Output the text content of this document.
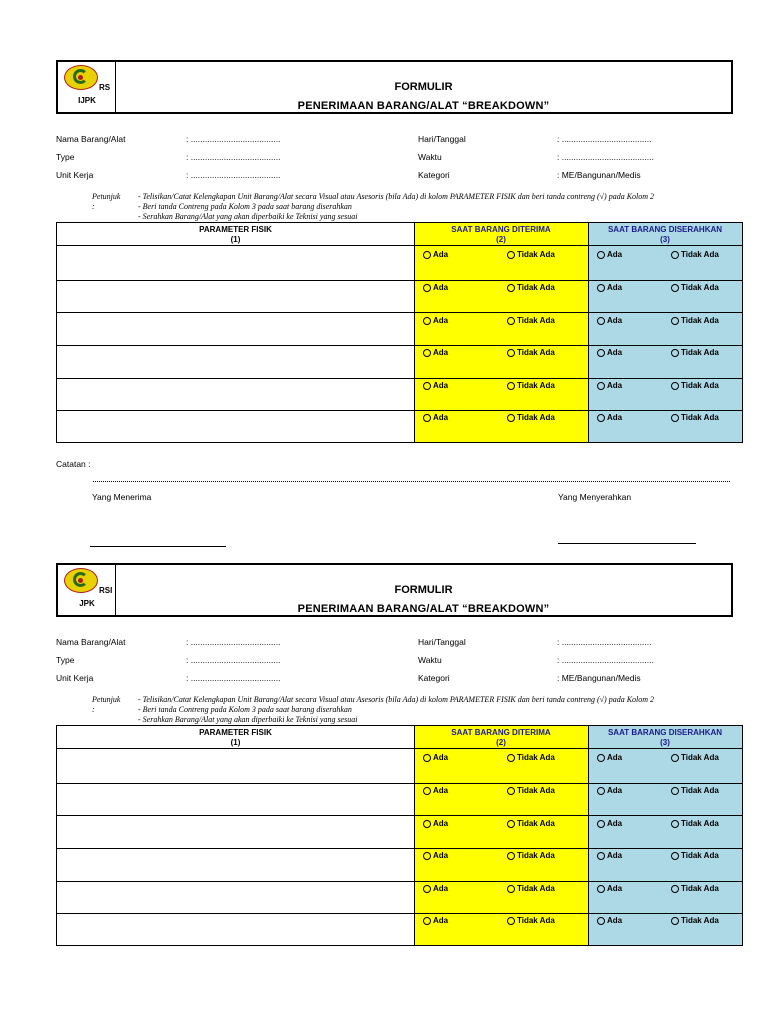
RS
IJPK
FORMULIR
PENERIMAAN BARANG/ALAT “BREAKDOWN”
Nama Barang/Alat	: ......................................
Type	: ......................................
Unit Kerja	: ......................................
Hari/Tanggal	: ......................................
Waktu	: .......................................
Kategori	: ME/Bangunan/Medis
Petunjuk :
- Telisikan/Catat Kelengkapan Unit Barang/Alat secara Visual atau Asesoris (bila Ada) di kolom PARAMETER FISIK dan beri tanda contreng (√) pada Kolom 2
- Beri tanda Contreng pada Kolom 3 pada saat barang diserahkan
- Serahkan Barang/Alat yang akan diperbaiki ke Teknisi yang sesuai
PARAMETER FISIK
(1)
SAAT BARANG DITERIMA
(2)
SAAT BARANG DISERAHKAN
(3)
Ada	Tidak Ada	Ada	Tidak Ada
Ada	Tidak Ada	Ada	Tidak Ada
Ada	Tidak Ada	Ada	Tidak Ada
Ada	Tidak Ada	Ada	Tidak Ada
Ada	Tidak Ada	Ada	Tidak Ada
Ada	Tidak Ada	Ada	Tidak Ada
Catatan :
Yang Menerima	Yang Menyerahkan
RSI
JPK
FORMULIR
PENERIMAAN BARANG/ALAT “BREAKDOWN”
Nama Barang/Alat	: ......................................
Type	: ......................................
Unit Kerja	: ......................................
Hari/Tanggal	: ......................................
Waktu	: .......................................
Kategori	: ME/Bangunan/Medis
Petunjuk :
- Telisikan/Catat Kelengkapan Unit Barang/Alat secara Visual atau Asesoris (bila Ada) di kolom PARAMETER FISIK dan beri tanda contreng (√) pada Kolom 2
- Beri tanda Contreng pada Kolom 3 pada saat barang diserahkan
- Serahkan Barang/Alat yang akan diperbaiki ke Teknisi yang sesuai
PARAMETER FISIK
(1)
SAAT BARANG DITERIMA
(2)
SAAT BARANG DISERAHKAN
(3)
Ada	Tidak Ada	Ada	Tidak Ada
Ada	Tidak Ada	Ada	Tidak Ada
Ada	Tidak Ada	Ada	Tidak Ada
Ada	Tidak Ada	Ada	Tidak Ada
Ada	Tidak Ada	Ada	Tidak Ada
Ada	Tidak Ada	Ada	Tidak Ada
